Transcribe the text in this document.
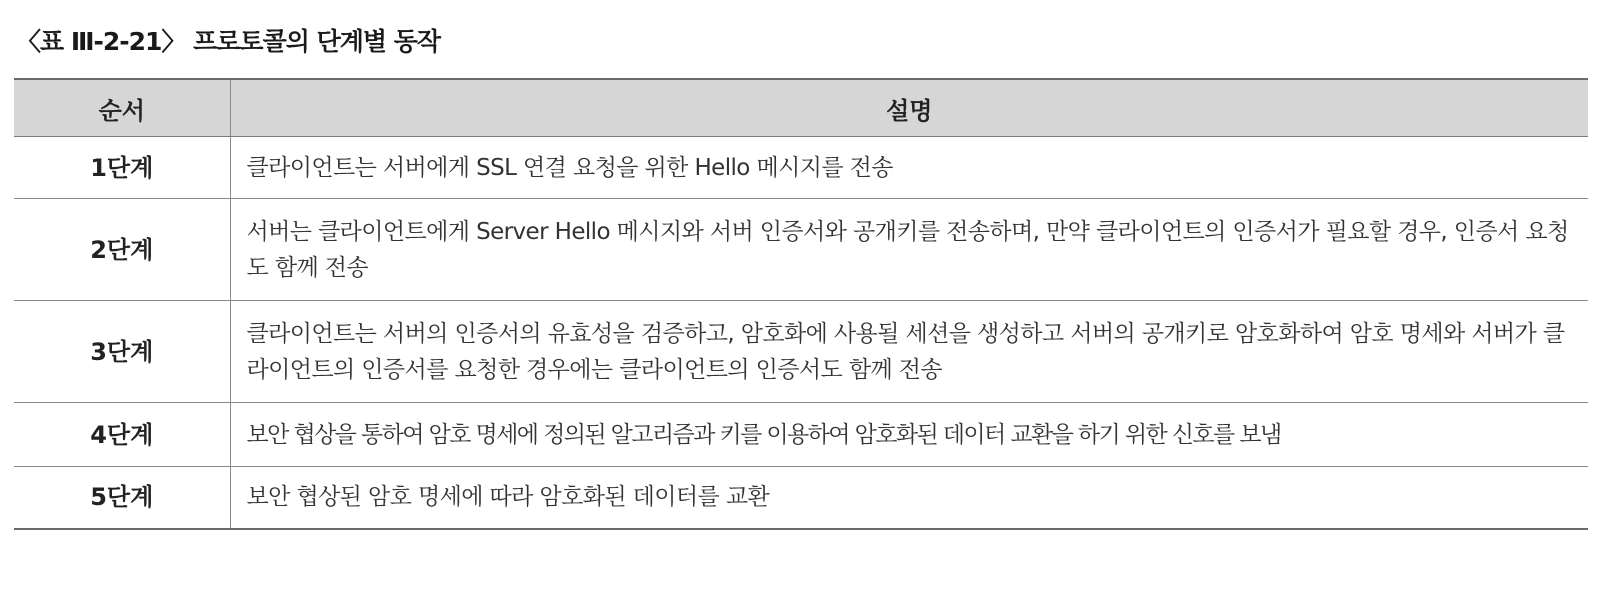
〈표 Ⅲ-2-21〉 프로토콜의 단계별 동작
순서	설명
1단계	클라이언트는 서버에게 SSL 연결 요청을 위한 Hello 메시지를 전송
2단계	서버는 클라이언트에게 Server Hello 메시지와 서버 인증서와 공개키를 전송하며, 만약 클라이언트의 인증서가 필요할 경우, 인증서 요청도 함께 전송
3단계	클라이언트는 서버의 인증서의 유효성을 검증하고, 암호화에 사용될 세션을 생성하고 서버의 공개키로 암호화하여 암호 명세와 서버가 클라이언트의 인증서를 요청한 경우에는 클라이언트의 인증서도 함께 전송
4단계	보안 협상을 통하여 암호 명세에 정의된 알고리즘과 키를 이용하여 암호화된 데이터 교환을 하기 위한 신호를 보냄
5단계	보안 협상된 암호 명세에 따라 암호화된 데이터를 교환
